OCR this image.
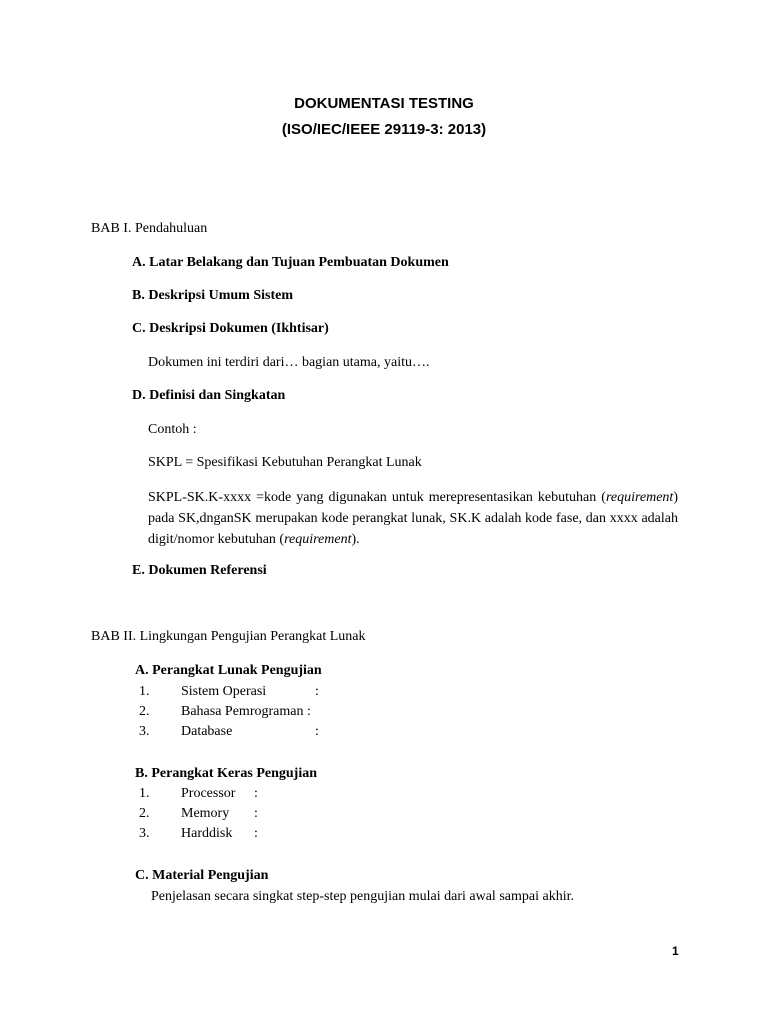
DOKUMENTASI TESTING
(ISO/IEC/IEEE 29119-3: 2013)
BAB I. Pendahuluan
A. Latar Belakang dan Tujuan Pembuatan Dokumen
B. Deskripsi Umum Sistem
C. Deskripsi Dokumen (Ikhtisar)
Dokumen ini terdiri dari… bagian utama, yaitu….
D. Definisi dan Singkatan
Contoh :
SKPL = Spesifikasi Kebutuhan Perangkat Lunak
SKPL-SK.K-xxxx =kode yang digunakan untuk merepresentasikan kebutuhan (requirement) pada SK,dnganSK merupakan kode perangkat lunak, SK.K adalah kode fase, dan xxxx adalah digit/nomor kebutuhan (requirement).
E. Dokumen Referensi
BAB II. Lingkungan Pengujian Perangkat Lunak
A. Perangkat Lunak Pengujian
1. Sistem Operasi	:
2. Bahasa Pemrograman :
3. Database	:
B. Perangkat Keras Pengujian
1. Processor :
2. Memory :
3. Harddisk :
C. Material Pengujian
Penjelasan secara singkat step-step pengujian mulai dari awal sampai akhir.
1
